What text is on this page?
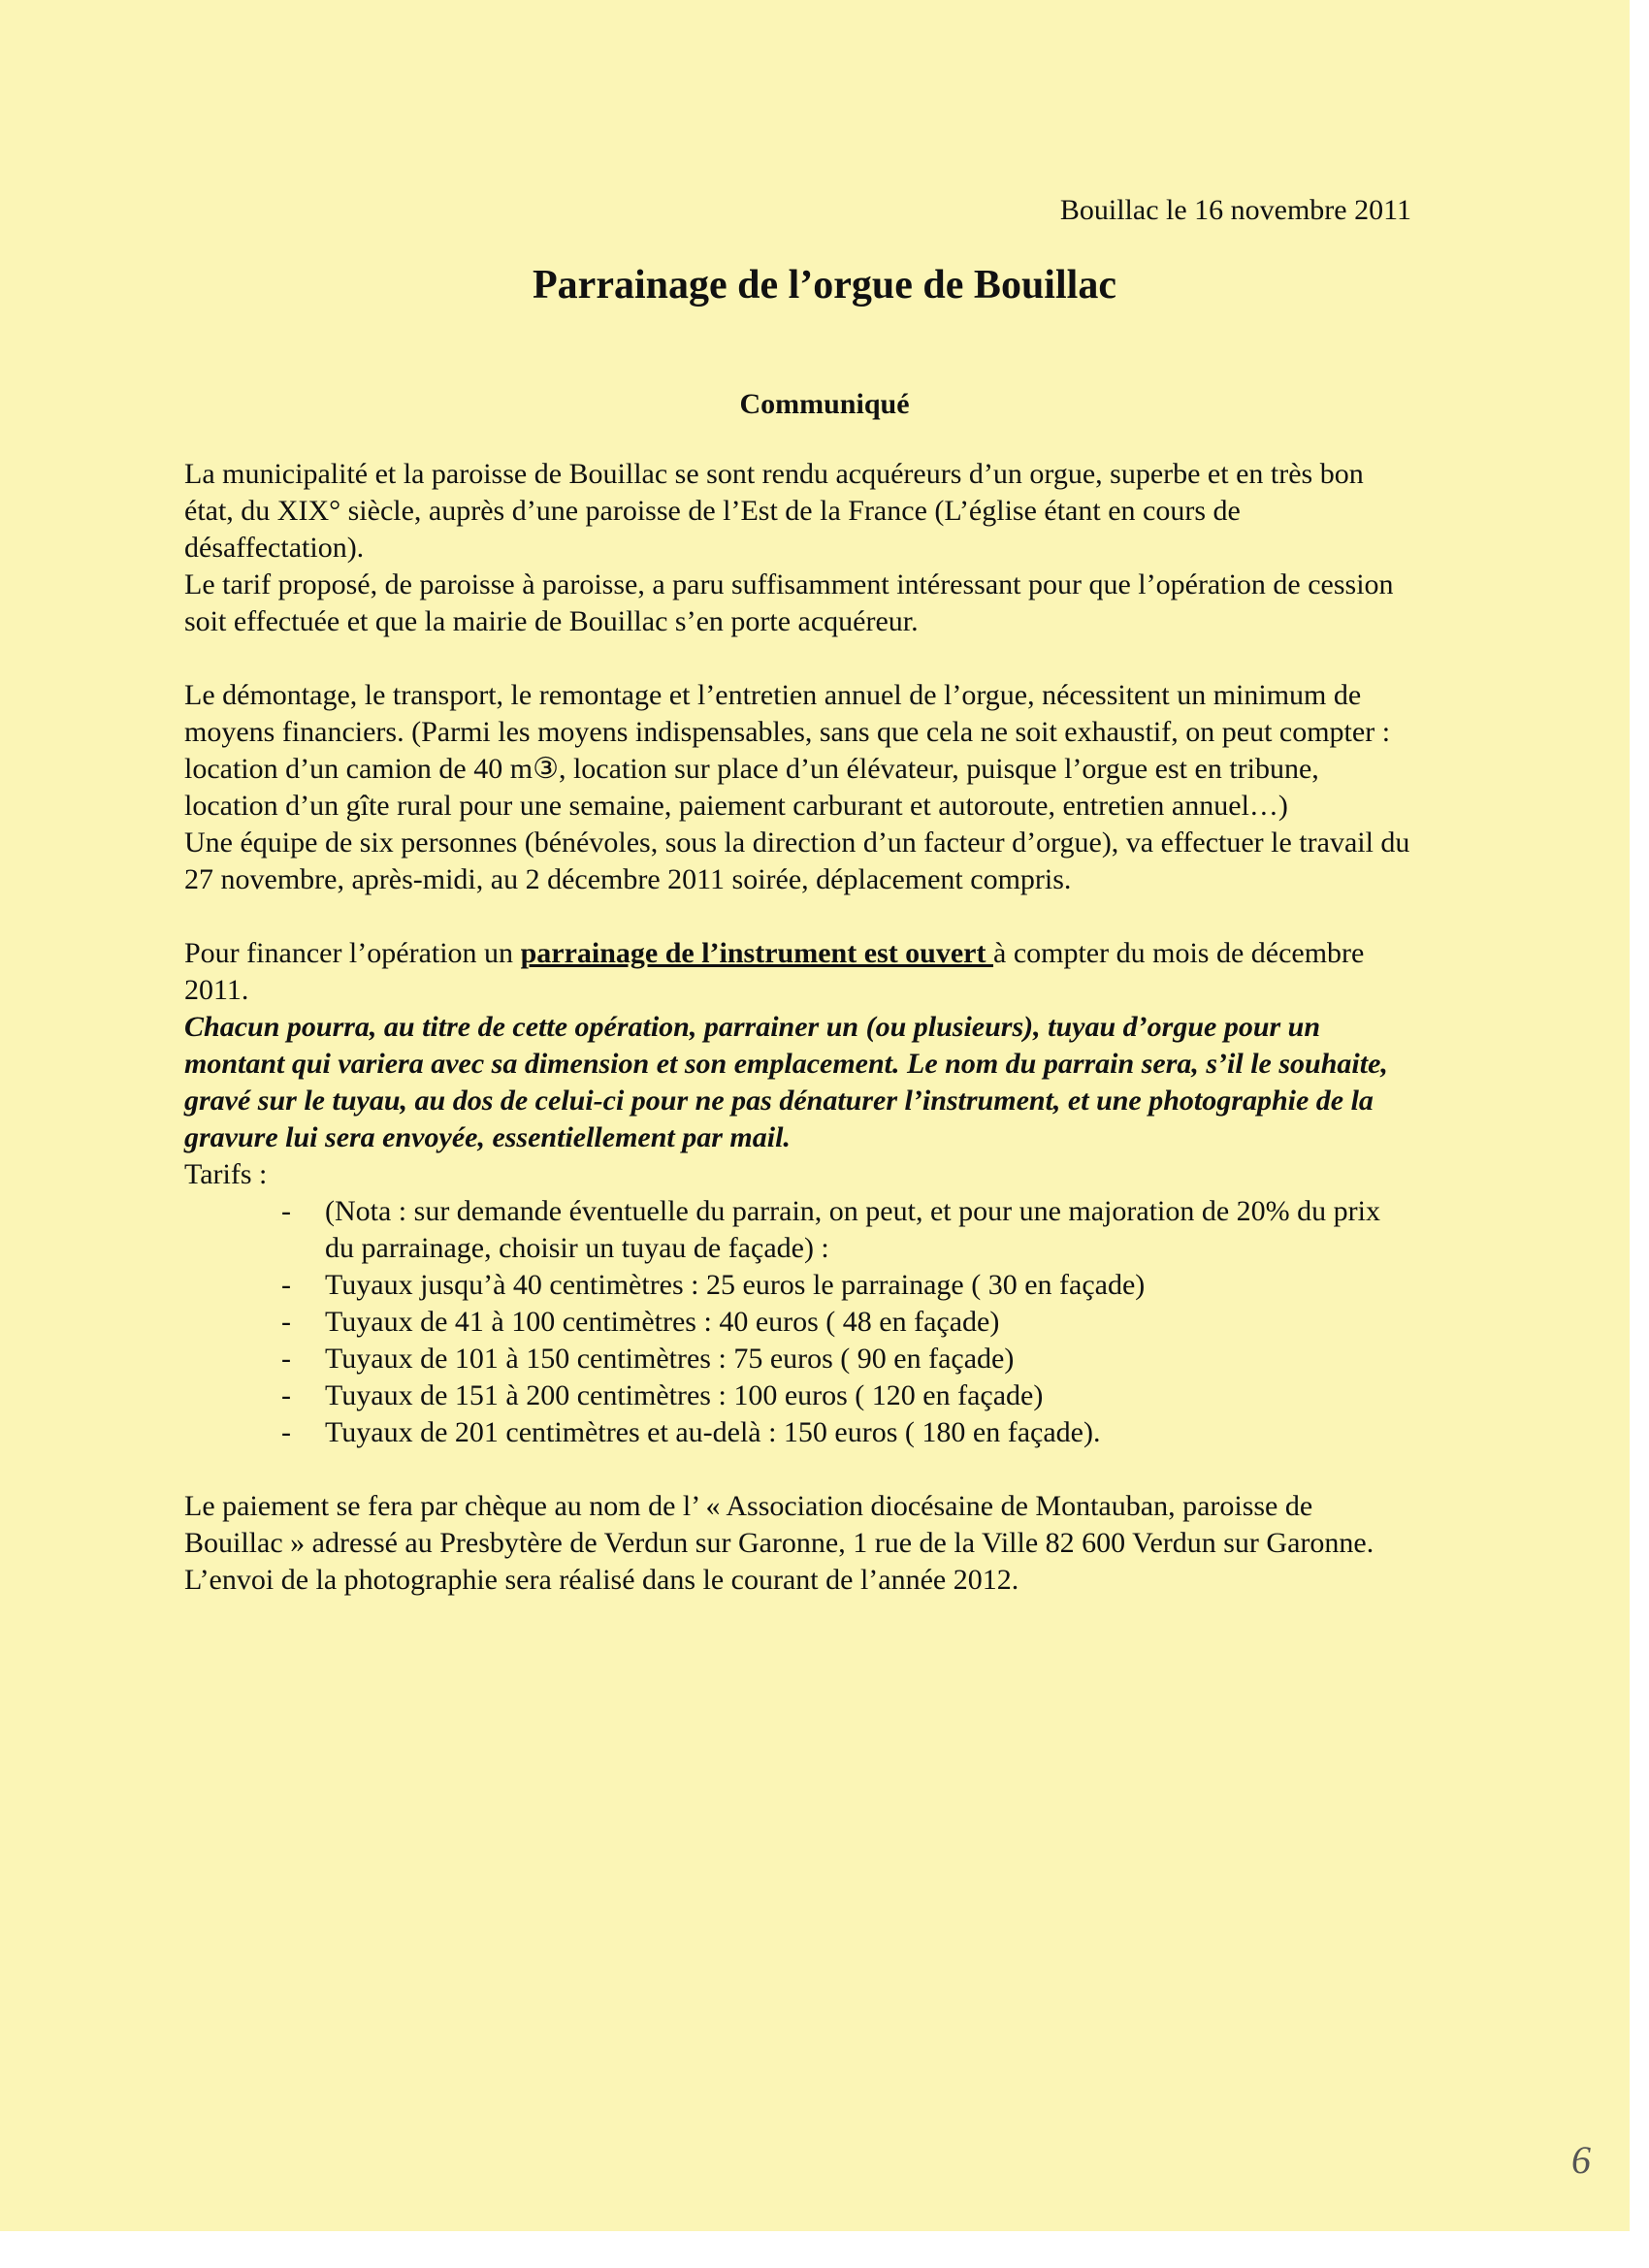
Bouillac le 16 novembre 2011
Parrainage de l’orgue de Bouillac
Communiqué

La municipalité et la paroisse de Bouillac se sont rendu acquéreurs d’un orgue, superbe et en très bon état, du XIX° siècle, auprès d’une paroisse de l’Est de la France (L’église étant en cours de désaffectation).

Le tarif proposé, de paroisse à paroisse, a paru suffisamment intéressant pour que l’opération de cession soit effectuée et que la mairie de Bouillac s’en porte acquéreur.

Le démontage, le transport, le remontage et l’entretien annuel de l’orgue, nécessitent un minimum de moyens financiers. (Parmi les moyens indispensables, sans que cela ne soit exhaustif, on peut compter : location d’un camion de 40 m③, location sur place d’un élévateur, puisque l’orgue est en tribune, location d’un gîte rural pour une semaine, paiement carburant et autoroute, entretien annuel…)

Une équipe de six personnes (bénévoles, sous la direction d’un facteur d’orgue), va effectuer le travail du 27 novembre, après-midi, au 2 décembre 2011 soirée, déplacement compris.

Pour financer l’opération un parrainage de l’instrument est ouvert à compter du mois de décembre 2011.

Chacun pourra, au titre de cette opération, parrainer un (ou plusieurs), tuyau d’orgue pour un montant qui variera avec sa dimension et son emplacement. Le nom du parrain sera, s’il le souhaite, gravé sur le tuyau, au dos de celui-ci pour ne pas dénaturer l’instrument, et une photographie de la gravure lui sera envoyée, essentiellement par mail.

Tarifs :

- (Nota : sur demande éventuelle du parrain, on peut, et pour une majoration de 20% du prix du parrainage, choisir un tuyau de façade) :
- Tuyaux jusqu’à 40 centimètres : 25 euros le parrainage ( 30 en façade)
- Tuyaux de 41 à 100 centimètres : 40 euros ( 48 en façade)
- Tuyaux de 101 à 150 centimètres : 75 euros ( 90 en façade)
- Tuyaux de 151 à 200 centimètres : 100 euros ( 120 en façade)
- Tuyaux de 201 centimètres et au-delà : 150 euros ( 180 en façade).

Le paiement se fera par chèque au nom de l’ « Association diocésaine de Montauban, paroisse de Bouillac » adressé au Presbytère de Verdun sur Garonne, 1 rue de la Ville 82 600 Verdun sur Garonne. L’envoi de la photographie sera réalisé dans le courant de l’année 2012.

6
